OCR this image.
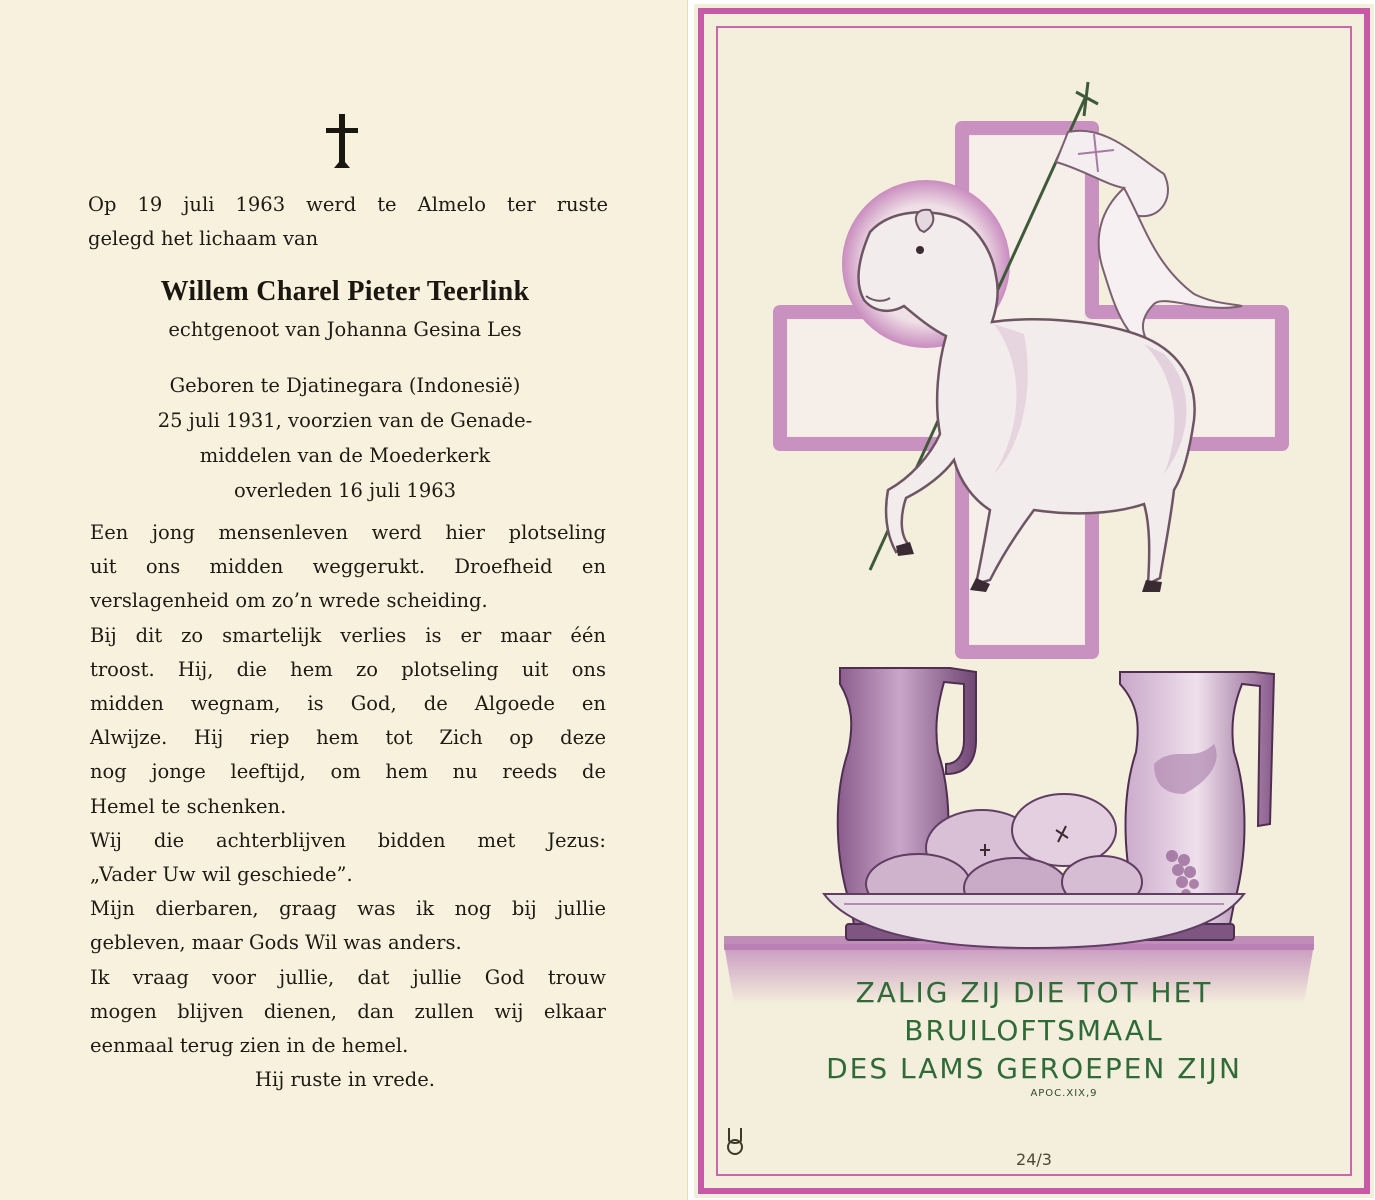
Op 19 juli 1963 werd te Almelo ter ruste

gelegd het lichaam van

Willem Charel Pieter Teerlink
echtgenoot van Johanna Gesina Les
Geboren te Djatinegara (Indonesië)
25 juli 1931, voorzien van de Genade-
middelen van de Moederkerk
overleden 16 juli 1963
Een jong mensenleven werd hier plotseling
uit ons midden weggerukt. Droefheid en
verslagenheid om zo’n wrede scheiding.
Bij dit zo smartelijk verlies is er maar één
troost. Hij, die hem zo plotseling uit ons
midden wegnam, is God, de Algoede en
Alwijze. Hij riep hem tot Zich op deze
nog jonge leeftijd, om hem nu reeds de
Hemel te schenken.
Wij die achterblijven bidden met Jezus:
„Vader Uw wil geschiede”.
Mijn dierbaren, graag was ik nog bij jullie
gebleven, maar Gods Wil was anders.
Ik vraag voor jullie, dat jullie God trouw
mogen blijven dienen, dan zullen wij elkaar
eenmaal terug zien in de hemel.
Hij ruste in vrede.
ZALIG ZIJ DIE TOT HET
BRUILOFTSMAAL
DES LAMS GEROEPEN ZIJN
APOC.XIX,9
24/3
